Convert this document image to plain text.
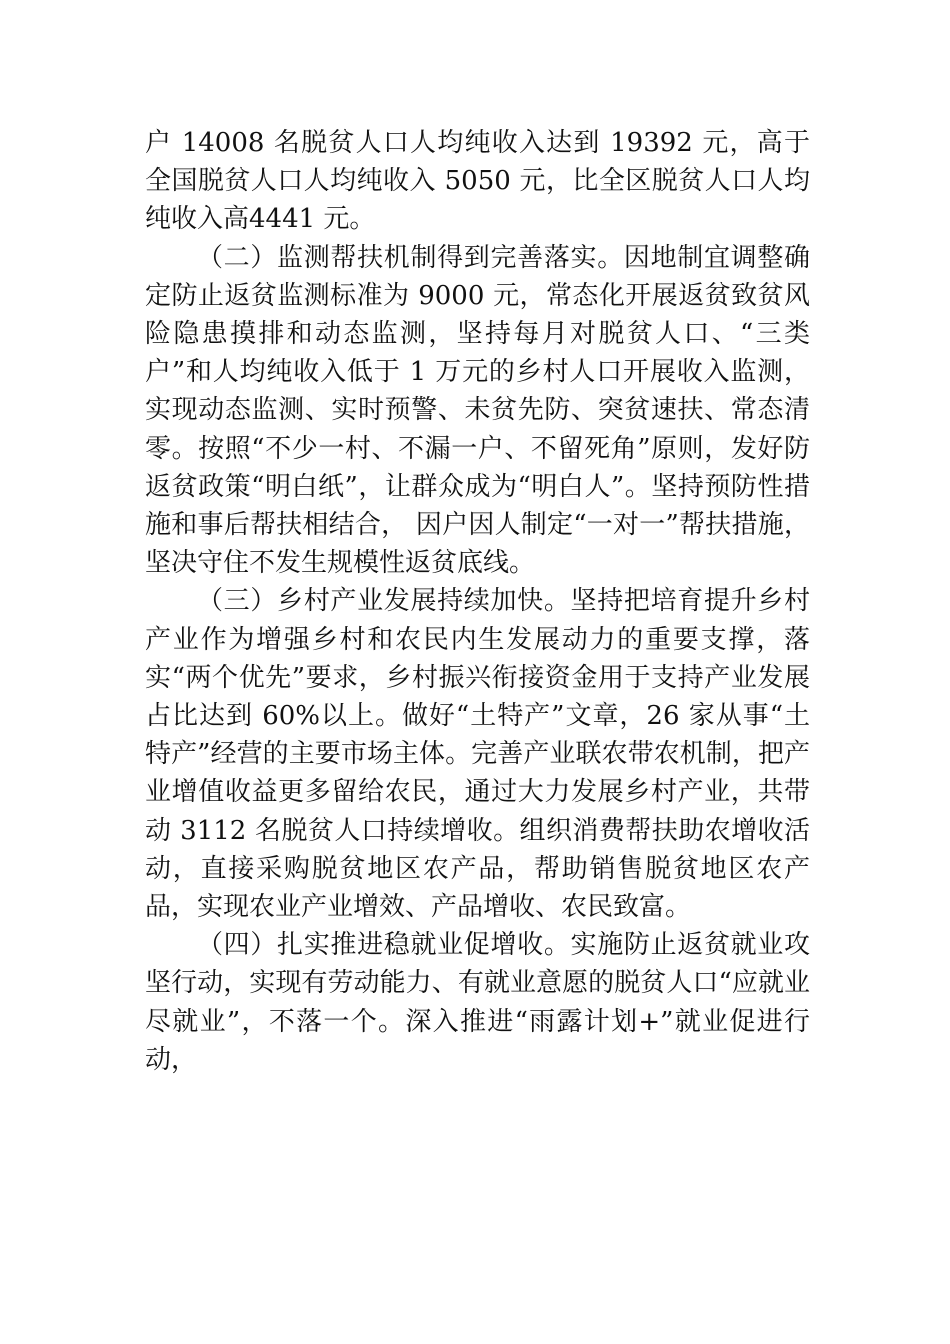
户 14008 名脱贫人口人均纯收入达到 19392 元，高于全国脱贫人口人均纯收入 5050 元，比全区脱贫人口人均纯收入高4441 元。

（二）监测帮扶机制得到完善落实。因地制宜调整确定防止返贫监测标准为 9000 元，常态化开展返贫致贫风险隐患摸排和动态监测，坚持每月对脱贫人口、“三类户”和人均纯收入低于 1 万元的乡村人口开展收入监测，实现动态监测、实时预警、未贫先防、突贫速扶、常态清零。按照“不少一村、不漏一户、不留死角”原则，发好防返贫政策“明白纸”，让群众成为“明白人”。坚持预防性措施和事后帮扶相结合， 因户因人制定“一对一”帮扶措施，坚决守住不发生规模性返贫底线。

（三）乡村产业发展持续加快。坚持把培育提升乡村产业作为增强乡村和农民内生发展动力的重要支撑，落实“两个优先”要求，乡村振兴衔接资金用于支持产业发展占比达到 60%以上。做好“土特产”文章，26 家从事“土特产”经营的主要市场主体。完善产业联农带农机制，把产业增值收益更多留给农民，通过大力发展乡村产业，共带动 3112 名脱贫人口持续增收。组织消费帮扶助农增收活动，直接采购脱贫地区农产品，帮助销售脱贫地区农产品，实现农业产业增效、产品增收、农民致富。

（四）扎实推进稳就业促增收。实施防止返贫就业攻坚行动，实现有劳动能力、有就业意愿的脱贫人口“应就业尽就业”，不落一个。深入推进“雨露计划+”就业促进行动，
